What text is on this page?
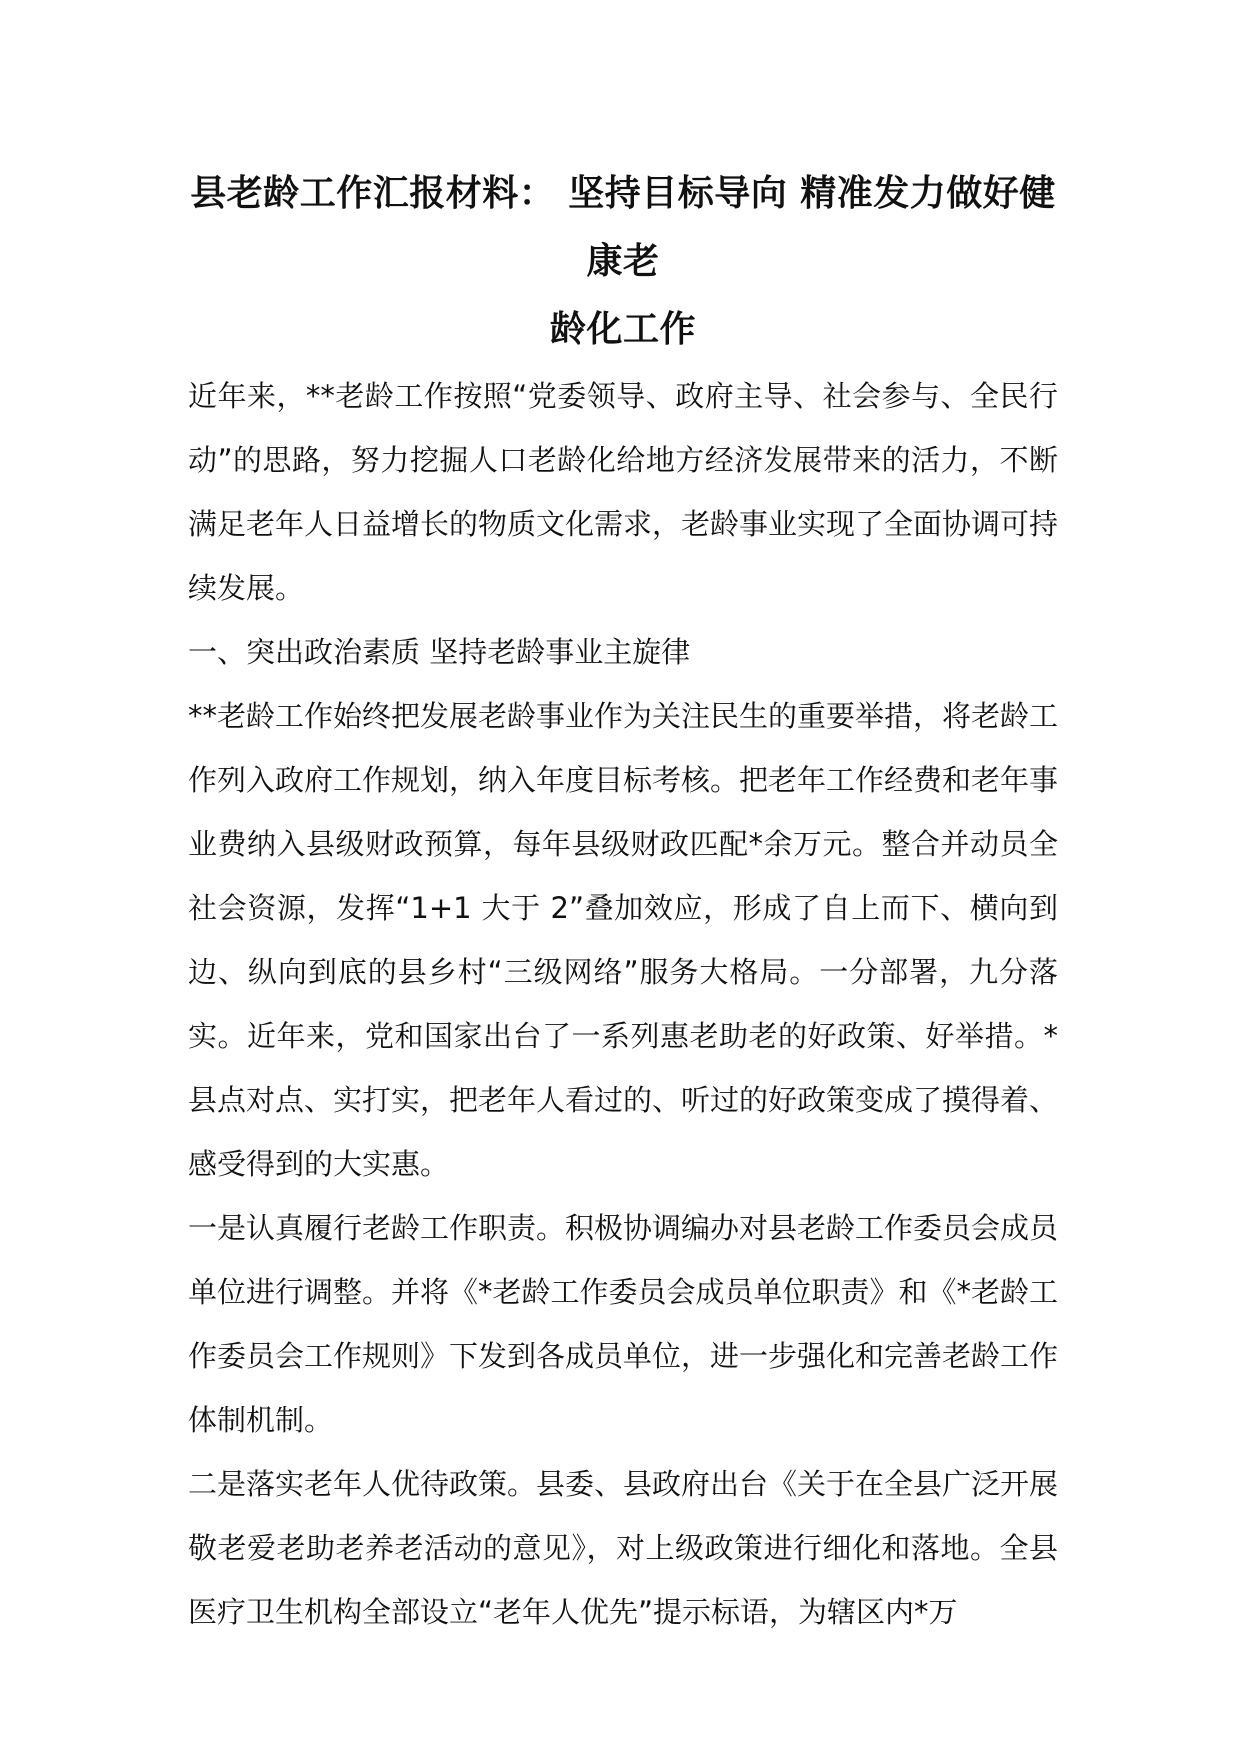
县老龄工作汇报材料： 坚持目标导向 精准发力做好健康老
龄化工作

近年来，**老龄工作按照“党委领导、政府主导、社会参与、全民行动”的思路，努力挖掘人口老龄化给地方经济发展带来的活力，不断满足老年人日益增长的物质文化需求，老龄事业实现了全面协调可持续发展。

一、突出政治素质 坚持老龄事业主旋律

**老龄工作始终把发展老龄事业作为关注民生的重要举措，将老龄工作列入政府工作规划，纳入年度目标考核。把老年工作经费和老年事业费纳入县级财政预算，每年县级财政匹配*余万元。整合并动员全社会资源，发挥“1+1 大于 2”叠加效应，形成了自上而下、横向到边、纵向到底的县乡村“三级网络”服务大格局。一分部署，九分落实。近年来，党和国家出台了一系列惠老助老的好政策、好举措。*县点对点、实打实，把老年人看过的、听过的好政策变成了摸得着、感受得到的大实惠。

一是认真履行老龄工作职责。积极协调编办对县老龄工作委员会成员单位进行调整。并将《*老龄工作委员会成员单位职责》和《*老龄工作委员会工作规则》下发到各成员单位，进一步强化和完善老龄工作体制机制。

二是落实老年人优待政策。县委、县政府出台《关于在全县广泛开展敬老爱老助老养老活动的意见》，对上级政策进行细化和落地。全县医疗卫生机构全部设立“老年人优先”提示标语，为辖区内*万
